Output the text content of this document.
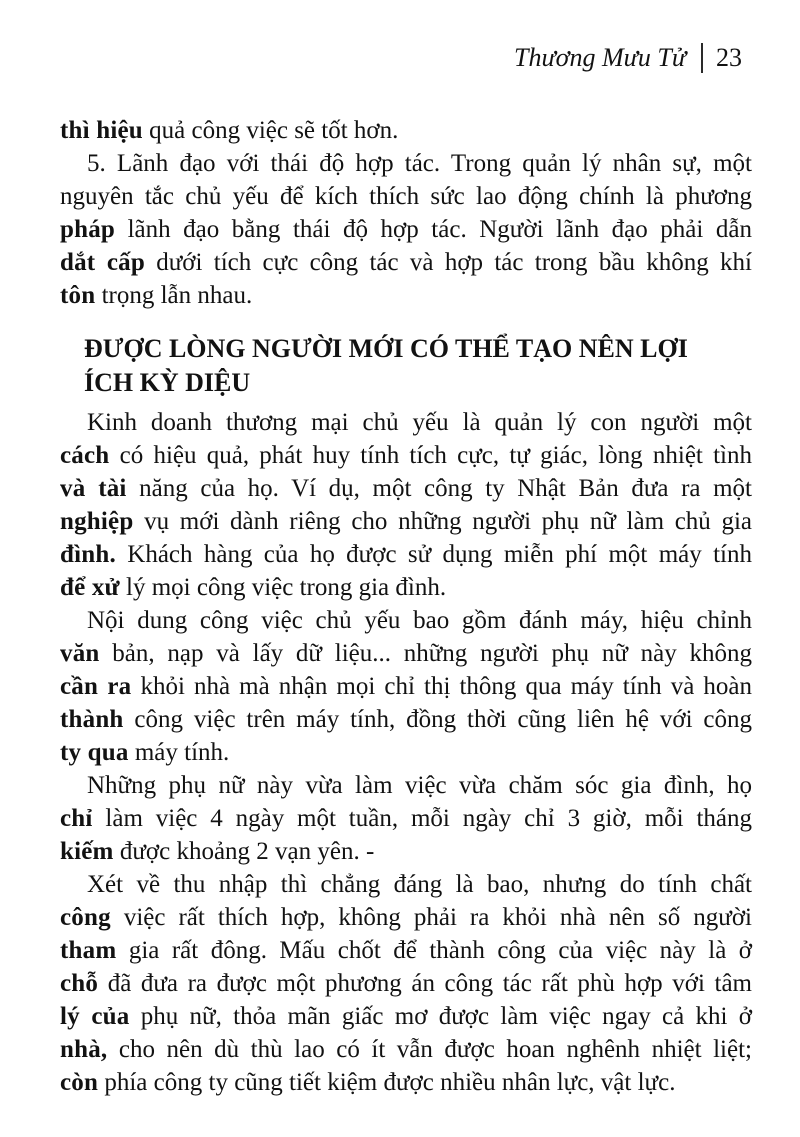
Thương Mưu Tử 23
thì hiệu quả công việc sẽ tốt hơn.
5. Lãnh đạo với thái độ hợp tác. Trong quản lý nhân sự, một
nguyên tắc chủ yếu để kích thích sức lao động chính là phương
pháp lãnh đạo bằng thái độ hợp tác. Người lãnh đạo phải dẫn
dắt cấp dưới tích cực công tác và hợp tác trong bầu không khí
tôn trọng lẫn nhau.
ĐƯỢC LÒNG NGƯỜI MỚI CÓ THỂ TẠO NÊN LỢI
ÍCH KỲ DIỆU
Kinh doanh thương mại chủ yếu là quản lý con người một
cách có hiệu quả, phát huy tính tích cực, tự giác, lòng nhiệt tình
và tài năng của họ. Ví dụ, một công ty Nhật Bản đưa ra một
nghiệp vụ mới dành riêng cho những người phụ nữ làm chủ gia
đình. Khách hàng của họ được sử dụng miễn phí một máy tính
để xử lý mọi công việc trong gia đình.
Nội dung công việc chủ yếu bao gồm đánh máy, hiệu chỉnh
văn bản, nạp và lấy dữ liệu... những người phụ nữ này không
cần ra khỏi nhà mà nhận mọi chỉ thị thông qua máy tính và hoàn
thành công việc trên máy tính, đồng thời cũng liên hệ với công
ty qua máy tính.
Những phụ nữ này vừa làm việc vừa chăm sóc gia đình, họ
chỉ làm việc 4 ngày một tuần, mỗi ngày chỉ 3 giờ, mỗi tháng
kiếm được khoảng 2 vạn yên. -
Xét về thu nhập thì chẳng đáng là bao, nhưng do tính chất
công việc rất thích hợp, không phải ra khỏi nhà nên số người
tham gia rất đông. Mấu chốt để thành công của việc này là ở
chỗ đã đưa ra được một phương án công tác rất phù hợp với tâm
lý của phụ nữ, thỏa mãn giấc mơ được làm việc ngay cả khi ở
nhà, cho nên dù thù lao có ít vẫn được hoan nghênh nhiệt liệt;
còn phía công ty cũng tiết kiệm được nhiều nhân lực, vật lực.
